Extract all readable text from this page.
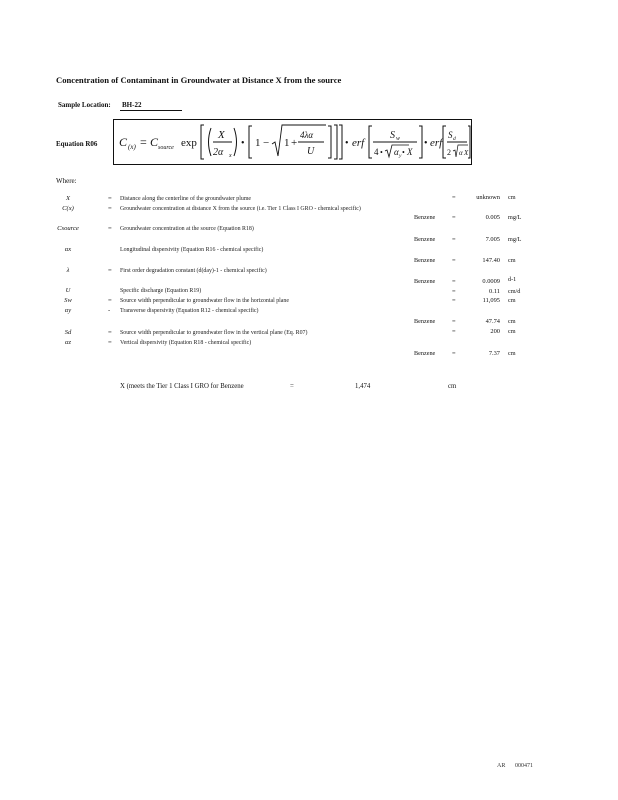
Concentration of Contaminant in Groundwater at Distance X from the source
Sample Location: BH-22
Equation R06 C (x) = C source exp
X
2α x
• 1 − 1 +
4λα
U
• erf
S w
4 • α y • X
• erf
S d
2 α X
Where:
X	= Distance along the centerline of the groundwater plume	=	unknown cm
C(x)	= Groundwater concentration at distance X from the source (i.e. Tier 1 Class I GRO - chemical specific)
Benzene	=	0.005 mg/L
Csource	= Groundwater concentration at the source (Equation R18)
Benzene	=	7.005 mg/L
αx	Longitudinal dispersivity (Equation R16 - chemical specific)
Benzene	=	147.40 cm
λ	= First order degradation constant (d(day)-1 - chemical specific)
Benzene	=	0.0009 d-1
U	Specific discharge (Equation R19)	=	0.11 cm/d
Sw	= Source width perpendicular to groundwater flow in the horizontal plane	=	11,095 cm
αy	- Transverse dispersivity (Equation R12 - chemical specific)
Benzene	=	47.74 cm
Sd	= Source width perpendicular to groundwater flow in the vertical plane (Eq. R07)	=	200 cm
αz	= Vertical dispersivity (Equation R18 - chemical specific)
Benzene	=	7.37 cm
X (meets the Tier 1 Class I GRO for Benzene	=	1,474	cm
AR 000471
